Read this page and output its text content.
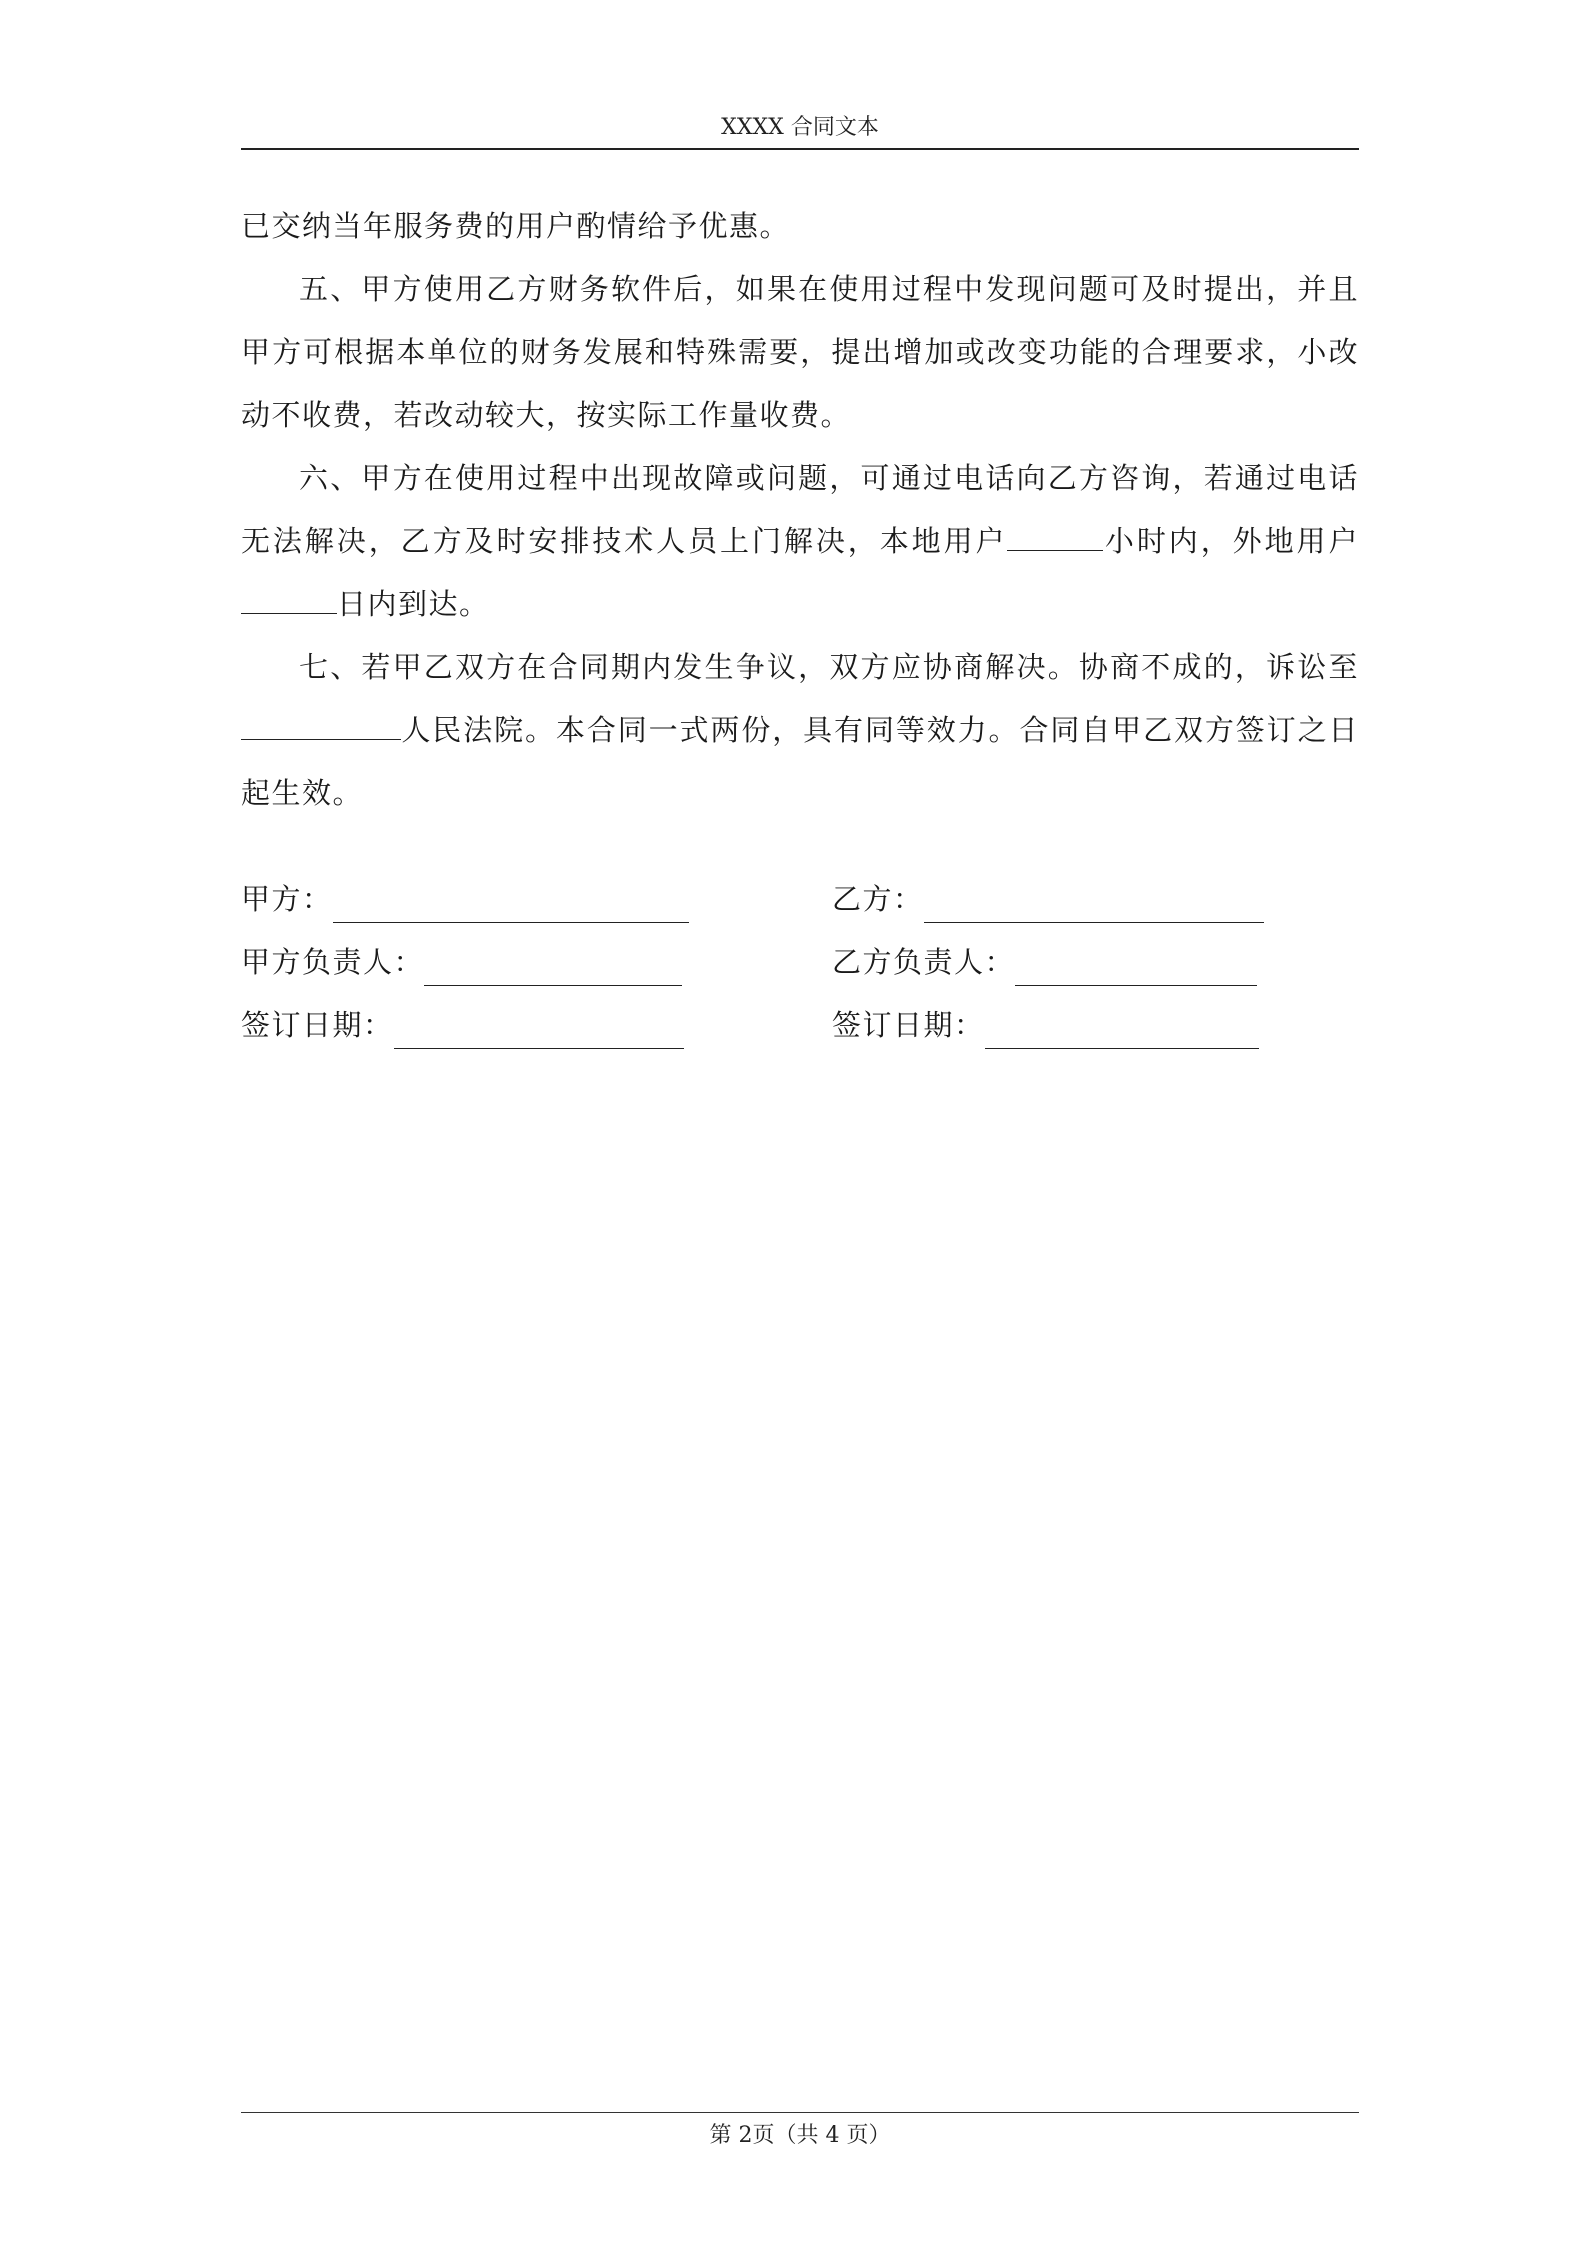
XXXX 合同文本

已交纳当年服务费的用户酌情给予优惠。

五、甲方使用乙方财务软件后，如果在使用过程中发现问题可及时提出，并且甲方可根据本单位的财务发展和特殊需要，提出增加或改变功能的合理要求，小改动不收费，若改动较大，按实际工作量收费。

六、甲方在使用过程中出现故障或问题，可通过电话向乙方咨询，若通过电话无法解决，乙方及时安排技术人员上门解决，本地用户	小时内，外地用户日内到达。

七、若甲乙双方在合同期内发生争议，双方应协商解决。协商不成的，诉讼至人民法院。本合同一式两份，具有同等效力。合同自甲乙双方签订之日起生效。

甲方：
甲方负责人：
签订日期：
乙方：
乙方负责人：
签订日期：
第 2页（共 4 页）
